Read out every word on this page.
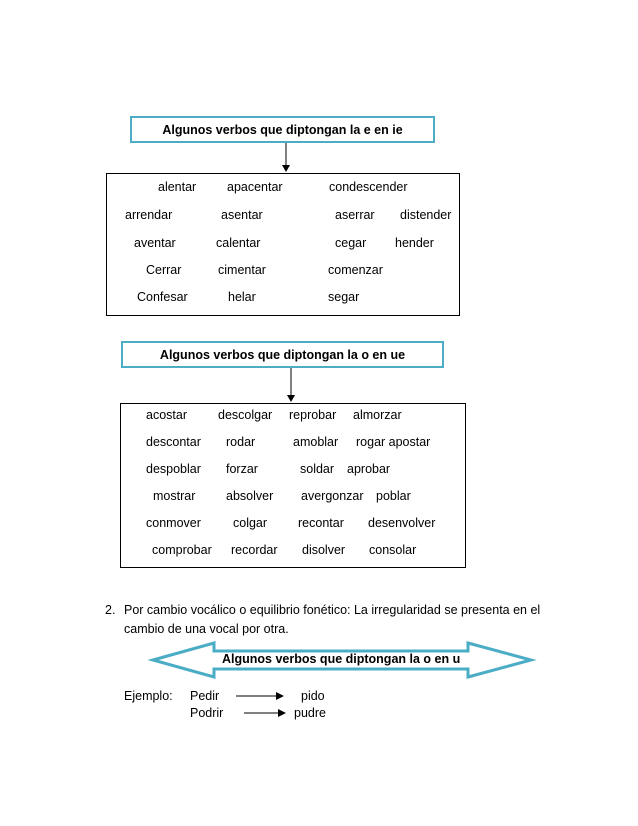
Algunos verbos que diptongan la e en ie
alentar apacentar	condescender
arrendar	asentar	aserrar distender
aventar	calentar	cegar hender
Cerrar	cimentar	comenzar
Confesar	helar	segar
Algunos verbos que diptongan la o en ue
acostar descolgar reprobar almorzar
descontar rodar	amoblar rogar apostar
despoblar forzar	soldar aprobar
mostrar absolver avergonzar poblar
conmover	colgar recontar desenvolver
comprobar recordar disolver consolar
2. Por cambio vocálico o equilibrio fonético: La irregularidad se presenta en el
cambio de una vocal por otra.
Algunos verbos que diptongan la o en u
Ejemplo: Pedir	pido
Podrir	pudre
